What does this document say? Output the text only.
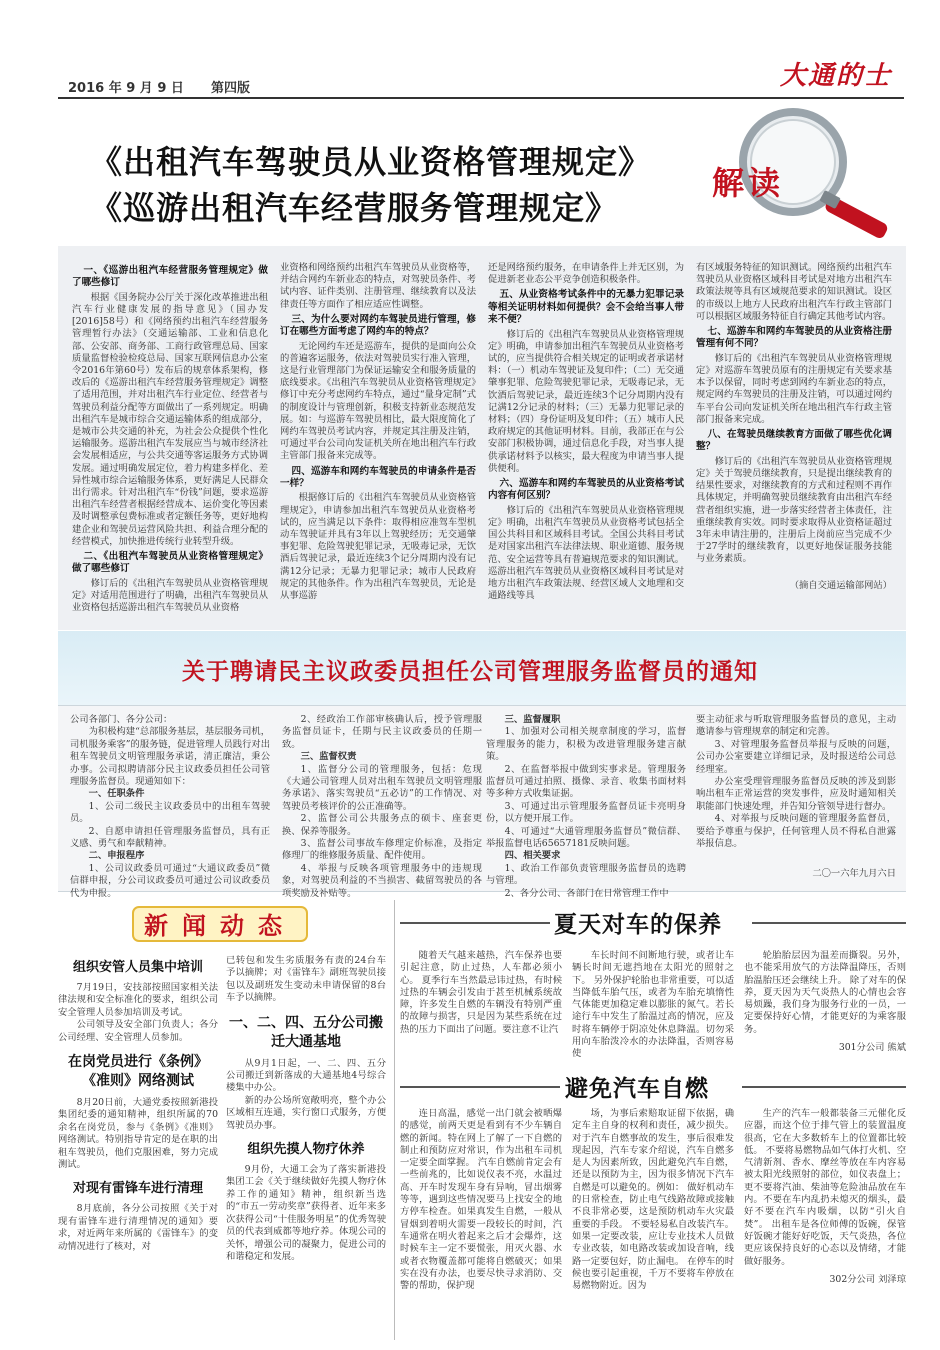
2016 年 9 月 9 日      第四版	大通的士
《出租汽车驾驶员从业资格管理规定》
《巡游出租汽车经营服务管理规定》
解读
一、《巡游出租汽车经营服务管理规定》做了哪些修订

根据《国务院办公厅关于深化改革推进出租汽车行业健康发展的指导意见》（国办发[2016]58号）和《网络预约出租汽车经营服务管理暂行办法》（交通运输部、工业和信息化部、公安部、商务部、工商行政管理总局、国家质量监督检验检疫总局、国家互联网信息办公室令2016年第60号）发布后的规章体系架构，修改后的《巡游出租汽车经营服务管理规定》调整了适用范围，并对出租汽车行业定位、经营者与驾驶员利益分配等方面做出了一系列规定。明确出租汽车是城市综合交通运输体系的组成部分，是城市公共交通的补充，为社会公众提供个性化运输服务。巡游出租汽车发展应当与城市经济社会发展相适应，与公共交通等客运服务方式协调发展。通过明确发展定位，着力构建多样化、差异性城市综合运输服务体系，更好满足人民群众出行需求。针对出租汽车“份钱”问题，要求巡游出租汽车经营者根据经营成本、运价变化等因素及时调整承包费标准或者定额任务等，更好地构建企业和驾驶员运营风险共担、利益合理分配的经营模式，加快推进传统行业转型升级。

二、《出租汽车驾驶员从业资格管理规定》做了哪些修订

修订后的《出租汽车驾驶员从业资格管理规定》对适用范围进行了明确，出租汽车驾驶员从业资格包括巡游出租汽车驾驶员从业资格

业资格和网络预约出租汽车驾驶员从业资格等，并结合网约车新业态的特点，对驾驶员条件、考试内容、证件类别、注册管理、继续教育以及法律责任等方面作了相应适应性调整。

三、为什么要对网约车驾驶员进行管理，修订在哪些方面考虑了网约车的特点？

无论网约车还是巡游车，提供的是面向公众的普遍客运服务，依法对驾驶员实行准入管理，这是行业管理部门为保证运输安全和服务质量的底线要求。《出租汽车驾驶员从业资格管理规定》修订中充分考虑网约车特点，通过“量身定制”式的制度设计与管理创新，积极支持新业态规范发展。如：与巡游车驾驶员相比，最大限度简化了网约车驾驶员考试内容，并规定其注册及注销，可通过平台公司向发证机关所在地出租汽车行政主管部门报备来完成等。

四、巡游车和网约车驾驶员的申请条件是否一样？

根据修订后的《出租汽车驾驶员从业资格管理规定》，申请参加出租汽车驾驶员从业资格考试的，应当满足以下条件：取得相应准驾车型机动车驾驶证并具有3年以上驾驶经历；无交通肇事犯罪、危险驾驶犯罪记录，无吸毒记录，无饮酒后驾驶记录，最近连续3个记分周期内没有记满12分记录；无暴力犯罪记录；城市人民政府规定的其他条件。作为出租汽车驾驶员，无论是从事巡游

还是网络预约服务，在申请条件上并无区别，为促进新老业态公平竞争创造积极条件。

五、从业资格考试条件中的无暴力犯罪记录等相关证明材料如何提供？会不会给当事人带来不便？

修订后的《出租汽车驾驶员从业资格管理规定》明确，申请参加出租汽车驾驶员从业资格考试的，应当提供符合相关规定的证明或者承诺材料：（一）机动车驾驶证及复印件；（二）无交通肇事犯罪、危险驾驶犯罪记录，无吸毒记录，无饮酒后驾驶记录，最近连续3个记分周期内没有记满12分记录的材料；（三）无暴力犯罪记录的材料；（四）身份证明及复印件；（五）城市人民政府规定的其他证明材料。目前，我部正在与公安部门积极协调，通过信息化手段，对当事人提供承诺材料予以核实，最大程度为申请当事人提供便利。

六、巡游车和网约车驾驶员的从业资格考试内容有何区别？

修订后的《出租汽车驾驶员从业资格管理规定》明确，出租汽车驾驶员从业资格考试包括全国公共科目和区域科目考试。全国公共科目考试是对国家出租汽车法律法规、职业道德、服务规范、安全运营等具有普遍规范要求的知识测试。巡游出租汽车驾驶员从业资格区域科目考试是对地方出租汽车政策法规、经营区域人文地理和交通路线等具

有区域服务特征的知识测试。网络预约出租汽车驾驶员从业资格区域科目考试是对地方出租汽车政策法规等具有区域规范要求的知识测试。设区的市级以上地方人民政府出租汽车行政主管部门可以根据区域服务特征自行确定其他考试内容。

七、巡游车和网约车驾驶员的从业资格注册管理有何不同？

修订后的《出租汽车驾驶员从业资格管理规定》对巡游车驾驶员原有的注册规定有关要求基本予以保留，同时考虑到网约车新业态的特点，规定网约车驾驶员的注册及注销，可以通过网约车平台公司向发证机关所在地出租汽车行政主管部门报备来完成。

八、在驾驶员继续教育方面做了哪些优化调整？

修订后的《出租汽车驾驶员从业资格管理规定》关于驾驶员继续教育，只是提出继续教育的结果性要求，对继续教育的方式和过程则不再作具体规定，并明确驾驶员继续教育由出租汽车经营者组织实施，进一步落实经营者主体责任，注重继续教育实效。同时要求取得从业资格证超过3年未申请注册的，注册后上岗前应当完成不少于27学时的继续教育，以更好地保证服务技能与业务素质。

（摘自交通运输部网站）

关于聘请民主议政委员担任公司管理服务监督员的通知

公司各部门、各分公司：

为积极构建“总部服务基层，基层服务司机，司机服务乘客”的服务链，促进管理人员践行对出租车驾驶员文明管理服务承诺，清正廉洁，秉公办事。公司拟聘请部分民主议政委员担任公司管理服务监督员。现通知如下：

一、任职条件

1、公司二级民主议政委员中的出租车驾驶员。

2、自愿申请担任管理服务监督员，具有正义感、勇气和奉献精神。

二、申报程序

1、公司议政委员可通过“大通议政委员”微信群申报，分公司议政委员可通过公司议政委员代为申报。

2、经政治工作部审核确认后，授予管理服务监督员证卡，任期与民主议政委员的任期一致。

三、监督权责

1、监督分公司的管理服务，包括：危现《大通公司管理人员对出租车驾驶员文明管理服务承诺》、落实驾驶员“五必访”的工作情况、对驾驶员考核评价的公正准确等。

2、监督公司公共服务点的硕卡、座套更换、保养等服务。

3、监督公司事故车修理定价标准，及指定修理厂的维修服务质量、配件使用。

4、举报与反映各项管理服务中的违规现象，对驾驶员利益的不当损害、截留驾驶员的各项奖励及补贴等。

三、监督履职

1、加强对公司相关规章制度的学习，监督管理服务的能力，积极为改进管理服务建言献策。

2、在监督举报中做到实事求是。管理服务监督员可通过拍照、摄像、录音、收集书面材料等多种方式收集证据。

3、可通过出示管理服务监督员证卡亮明身份，以方便开展工作。

4、可通过“大通管理服务监督员”微信群、举报监督电话65657181反映问题。

四、相关要求

1、政治工作部负责管理服务监督员的选聘与管理。

2、各分公司、各部门在日常管理工作中

要主动征求与听取管理服务监督员的意见，主动邀请参与管理规章的制定和完善。

3、对管理服务监督员举报与反映的问题，公司办公室要建立详细记录，及时报送给公司总经理室。

办公室受理管理服务监督员反映的涉及到影响出租车正常运营的突发事件，应及时通知相关职能部门快速处理，并告知分管领导进行督办。

4、对举报与反映问题的管理服务监督员，要给予尊重与保护，任何管理人员不得私自泄露举报信息。

二〇一六年九月六日

新闻动态
组织安管人员集中培训

7月19日，安技部按照国家相关法律法规和安全标准化的要求，组织公司安全管理人员参加培训及考试。

公司领导及安全部门负责人；各分公司经理、安全管理人员参加。

在岗党员进行《条例》《准则》网络测试

8月20日前，大通党委按照新港投集团纪委的通知精神，组织所属的70余名在岗党员，参与《条例》《准则》网络测试。特别指导肯定的是在职的出租车驾驶员，他们克服困难，努力完成测试。

对现有雷锋车进行清理

8月底前，各分公司按照《关于对现有雷锋车进行清理情况的通知》要求，对近两年来所属的《雷锋车》的变动情况进行了核对，对

已转包和发生劣质服务有责的24台车予以摘牌；对《雷锋车》副班驾驶员接包以及副班发生变动未申请保留的8台车予以摘牌。

一、二、四、五分公司搬迁大通基地

从9月1日起，一、二、四、五分公司搬迁到新落成的大通基地4号综合楼集中办公。

新的办公场所宽敞明亮，整个办公区域相互连通，实行窗口式服务，方便驾驶员办事。

组织先摸人物疗休养

9月份，大通工会为了落实新港投集团工会《关于继续做好先摸人物疗休养工作的通知》精神，组织新当选的“市五一劳动奖章”获得者、近年来多次获得公司“十佳服务明星”的优秀驾驶员的代表到威都等地疗养。体现公司的关怀，增强公司的凝聚力，促进公司的和谐稳定和发展。

夏天对车的保养

随着天气越来越热，汽车保养也要引起注意，防止过热，人车都必须小心。 夏季行车当然最忌讳过热，有时候过热的车辆会引发由于甚至机械系统故障，许多发生自燃的车辆没有特别严重的故障与损害，只是因为某些系统在过热的压力下面出了问题。要注意不让汽

车长时间不间断地行驶，或者让车辆长时间无遮挡地在太阳光的照射之下。 另外保护轮胎也非常重要，可以适当降低车胎气压，或者为车胎充填惰性气体能更加稳定难以膨胀的氮气。若长途行车中发生了胎温过高的情况，应及时将车辆停于阴凉处休息降温。切勿采用向车胎泼冷水的办法降温，否则容易使

轮胎胎层因为温差而撕裂。另外，也不能采用放气的方法降温降压，否则胎温胎压还会继续上升。 除了对车的保养，夏天因为天气炎热人的心情也会容易烦躁，我们身为服务行业的一员，一定要保持好心情，才能更好的为乘客服务。

301分公司 熊斌

避免汽车自燃

连日高温，感觉一出门就会被晒爆的感觉，前两天更是看到有不少车辆自燃的新闻。特在网上了解了一下自燃的制止和预防应对常识，作为出租车司机一定要全面掌握。 汽车自燃前肯定会有一些前兆的，比如说仪表不亮，水温过高、开车时发现车身有异响，冒出烟雾等等，遇到这些情况要马上找安全的地方停车检查。如果真发生自燃，一般从冒烟到着明火需要一段较长的时间，汽车通常在明火着起来之后才会爆炸，这时候车主一定不要慌张，用灭火器、水或者衣物覆盖都可能将自燃破灭；如果实在没有办法，也要尽快寻求消防、交警的帮助，保护现

场，为事后索赔取证留下依据，确定车主自身的权利和责任，减少损失。 对于汽车自燃事故的发生，事后很难发现起因，汽车专家介绍说，汽车自燃多是人为因素所致，因此避免汽车自燃，还是以预防为主，因为很多情况下汽车自燃是可以避免的。例如： 做好机动车的日常检查，防止电气线路故障或接触不良非常必要，这是预防机动车火灾最重要的手段。 不要轻易私自改装汽车。如果一定要改装，应让专业技术人员做专业改装，如电路改装或加设音响，线路一定要包好，防止漏电。 在停车的时候也要引起重视，千万不要将车停放在易燃物附近。因为

生产的汽车一般都装备三元催化反应器，而这个位于排气管上的装置温度很高，它在大多数轿车上的位置都比较低。 不要将易燃物品如气体打火机、空气清新剂、香水、摩丝等放在车内容易被太阳光线照射的部位，如仪表盘上；更不要将汽油、柴油等危险油品放在车内。不要在车内乱扔未熄灭的烟头，最好不要在汽车内吸烟，以防“引火自焚”。 出租车是各位师傅的饭碗，保管好饭碗才能好好吃饭，天气炎热，各位更应该保持良好的心态以及情绪，才能做好服务。

302分公司 刘泽琼
